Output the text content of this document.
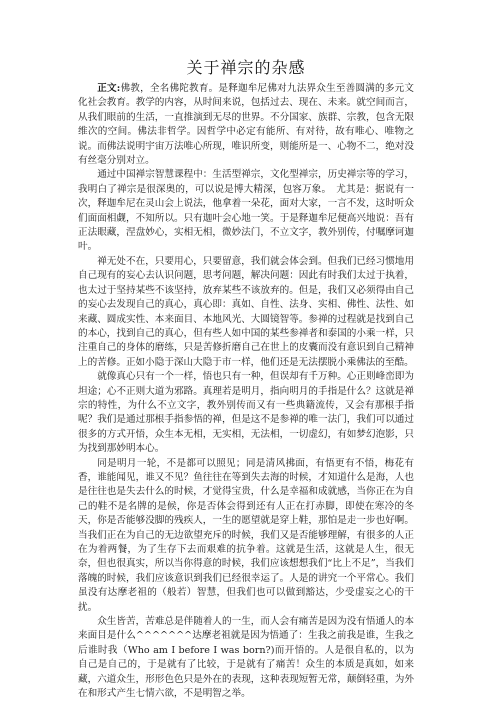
关于禅宗的杂感

正文:佛教，全名佛陀教育。是释迦牟尼佛对九法界众生至善圆满的多元文化社会教育。教学的内容，从时间来说，包括过去、现在、未来。就空间而言，从我们眼前的生活，一直推演到无尽的世界。不分国家、族群、宗教，包含无限维次的空间。佛法非哲学。因哲学中必定有能所、有对待，故有唯心、唯物之说。而佛法说明宇宙万法唯心所现，唯识所变，则能所是一、心物不二，绝对没有丝毫分别对立。

通过中国禅宗智慧课程中：生活型禅宗，文化型禅宗，历史禅宗等的学习，我明白了禅宗是很深奥的，可以说是博大精深，包容万象。　尤其是：据说有一次，释迦牟尼在灵山会上说法，他拿着一朵花，面对大家，一言不发，这时听众们面面相觑，不知所以。只有迦叶会心地一笑。于是释迦牟尼便高兴地说：吾有正法眼藏，涅盘妙心，实相无相，微妙法门，不立文字，教外别传，付嘱摩诃迦叶。

禅无处不在，只要用心，只要留意，我们就会体会到。但我们已经习惯地用自己现有的妄心去认识问题，思考问题，解决问题：因此有时我们太过于执着，也太过于坚持某些不该坚持，放弃某些不该放弃的。但是，我们又必须得由自己的妄心去发现自己的真心，真心即：真如、自性、法身、实相、佛性、法性、如来藏、圆成实性、本来面目、本地风光、大圆镜智等。参禅的过程就是找到自己的本心，找到自己的真心，但有些人如中国的某些参禅者和泰国的小乘一样，只注重自己的身体的磨练，只是苦修折磨自己在世上的皮囊而没有意识到自己精神上的苦修。正如小隐于深山大隐于市一样，他们还是无法摆脱小乘佛法的至酷。

就像真心只有一个一样，悟也只有一种，但误却有千万种。心正则峰峦即为坦途；心不正则大道为邪路。真理若是明月，指向明月的手指是什么？这就是禅宗的特性，为什么不立文字，教外别传而又有一些典籍流传，又会有那根手指呢？我们是通过那根手指参悟的禅，但是这不是参禅的唯一法门，我们可以通过很多的方式开悟，众生本无相，无实相，无法相，一切虚幻，有如梦幻泡影，只为找到那妙明本心。

同是明月一轮，不是都可以照见；同是清风拂面，有悟更有不悟，梅花有香，谁能闻见，谁又不见？鱼往往在等到失去海的时候，才知道什么是海，人也是往往也是失去什么的时候，才觉得宝贵，什么是幸福和成就感，当你正在为自己的鞋不是名牌的是候，你是否体会得到还有人正在打赤脚，即使在寒冷的冬天，你是否能够没脚的残疾人，一生的愿望就是穿上鞋，那怕是走一步也好啊。当我们正在为自己的无边欲望充斥的时候，我们又是否能够理解，有很多的人正在为着两餐，为了生存下去而艰难的抗争着。这就是生活，这就是人生，很无奈，但也很真实，所以当你得意的时候，我们应该想想我们“比上不足”，当我们落魄的时候，我们应该意识到我们已经很幸运了。人是的讲究一个平常心。我们虽没有达摩老祖的（般若）智慧，但我们也可以做到豁达，少受虚妄之心的干扰。

众生皆苦，苦难总是伴随着人的一生，而人会有痛苦是因为没有悟通人的本来面目是什么^^^^^^^达摩老祖就是因为悟通了：生我之前我是谁，生我之后谁时我（Who am I before I was born?)而开悟的。人是很自私的，以为自己是自己的，于是就有了比较，于是就有了痛苦！众生的本质是真如，如来藏，六道众生，形形色色只是外在的表现，这种表现短暂无常，颠倒轻重，为外在和形式产生七情六欲，不是明智之举。
